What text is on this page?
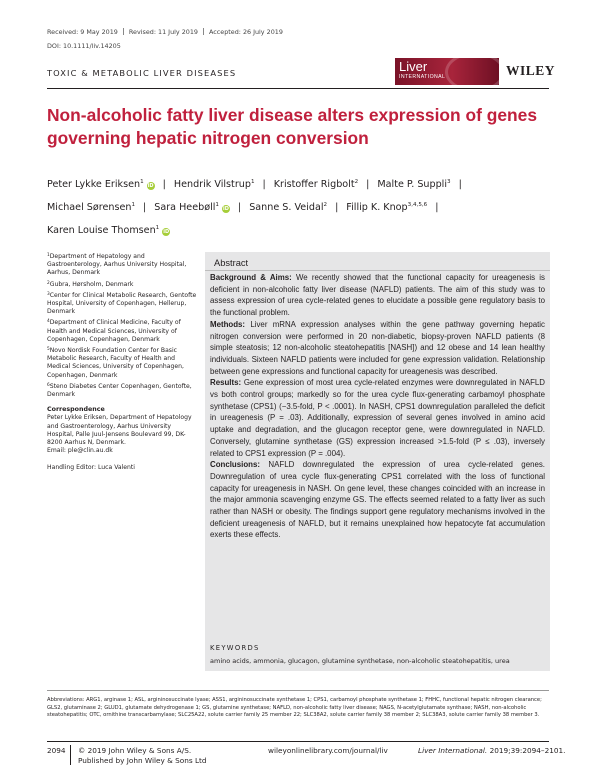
Received: 9 May 2019 Revised: 11 July 2019 Accepted: 26 July 2019
DOI: 10.1111/liv.14205
TOXIC & METABOLIC LIVER DISEASES	Liver
INTERNATIONAL	WILEY
Non-alcoholic fatty liver disease alters expression of genes governing hepatic nitrogen conversion
Peter Lykke Eriksen$^1$iD | Hendrik Vilstrup$^1$ | Kristoffer Rigbolt$^2$ | Malte P. Suppli$^3$ |
Michael Sørensen$^1$ | Sara Heebøll$^1$iD | Sanne S. Veidal$^2$ | Fillip K. Knop$^{3,4,5,6}$ |
Karen Louise Thomsen$^1$iD
$^1$Department of Hepatology and Gastroenterology, Aarhus University Hospital, Aarhus, Denmark
$^2$Gubra, Hørsholm, Denmark
$^3$Center for Clinical Metabolic Research, Gentofte Hospital, University of Copenhagen, Hellerup, Denmark
$^4$Department of Clinical Medicine, Faculty of Health and Medical Sciences, University of Copenhagen, Copenhagen, Denmark
$^5$Novo Nordisk Foundation Center for Basic Metabolic Research, Faculty of Health and Medical Sciences, University of Copenhagen, Copenhagen, Denmark
$^6$Steno Diabetes Center Copenhagen, Gentofte, Denmark
Correspondence
Peter Lykke Eriksen, Department of Hepatology and Gastroenterology, Aarhus University Hospital, Palle Juul-Jensens Boulevard 99, DK-8200 Aarhus N, Denmark.
Email: ple@clin.au.dk
Handling Editor: Luca Valenti
Abstract

Background & Aims: We recently showed that the functional capacity for ureagenesis is deficient in non-alcoholic fatty liver disease (NAFLD) patients. The aim of this study was to assess expression of urea cycle-related genes to elucidate a possible gene regulatory basis to the functional problem.

Methods: Liver mRNA expression analyses within the gene pathway governing hepatic nitrogen conversion were performed in 20 non-diabetic, biopsy-proven NAFLD patients (8 simple steatosis; 12 non-alcoholic steatohepatitis [NASH]) and 12 obese and 14 lean healthy individuals. Sixteen NAFLD patients were included for gene expression validation. Relationship between gene expressions and functional capacity for ureagenesis was described.

Results: Gene expression of most urea cycle-related enzymes were downregulated in NAFLD vs both control groups; markedly so for the urea cycle flux-generating carbamoyl phosphate synthetase (CPS1) (−3.5-fold, P < .0001). In NASH, CPS1 downregulation paralleled the deficit in ureagenesis (P = .03). Additionally, expression of several genes involved in amino acid uptake and degradation, and the glucagon receptor gene, were downregulated in NAFLD. Conversely, glutamine synthetase (GS) expression increased >1.5-fold (P ≤ .03), inversely related to CPS1 expression (P = .004).

Conclusions: NAFLD downregulated the expression of urea cycle-related genes. Downregulation of urea cycle flux-generating CPS1 correlated with the loss of functional capacity for ureagenesis in NASH. On gene level, these changes coincided with an increase in the major ammonia scavenging enzyme GS. The effects seemed related to a fatty liver as such rather than NASH or obesity. The findings support gene regulatory mechanisms involved in the deficient ureagenesis of NAFLD, but it remains unexplained how hepatocyte fat accumulation exerts these effects.

KEYWORDS
amino acids, ammonia, glucagon, glutamine synthetase, non-alcoholic steatohepatitis, urea
Abbreviations: ARG1, arginase 1; ASL, argininosuccinate lyase; ASS1, argininosuccinate synthetase 1; CPS1, carbamoyl phosphate synthetase 1; FHHC, functional hepatic nitrogen clearance; GLS2, glutaminase 2; GLUD1, glutamate dehydrogenase 1; GS, glutamine synthetase; NAFLD, non-alcoholic fatty liver disease; NAGS, N-acetylglutamate synthase; NASH, non-alcoholic steatohepatitis; OTC, ornithine transcarbamylase; SLC25A22, solute carrier family 25 member 22; SLC38A2, solute carrier family 38 member 2; SLC38A3, solute carrier family 38 member 3.
2094 © 2019 John Wiley & Sons A/S.
Published by John Wiley & Sons Ltd
wileyonlinelibrary.com/journal/liv	Liver International. 2019;39:2094–2101.
